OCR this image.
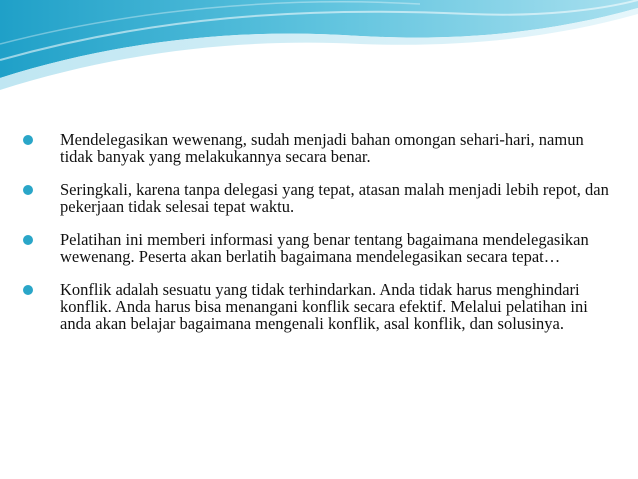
Mendelegasikan wewenang, sudah menjadi bahan omongan sehari-hari, namun tidak banyak yang melakukannya secara benar.
Seringkali, karena tanpa delegasi yang tepat, atasan malah menjadi lebih repot, dan pekerjaan tidak selesai tepat waktu.
Pelatihan ini memberi informasi yang benar tentang bagaimana mendelegasikan wewenang. Peserta akan berlatih bagaimana mendelegasikan secara tepat…
Konflik adalah sesuatu yang tidak terhindarkan. Anda tidak harus menghindari konflik. Anda harus bisa menangani konflik secara efektif. Melalui pelatihan ini anda akan belajar bagaimana mengenali konflik, asal konflik, dan solusinya.
